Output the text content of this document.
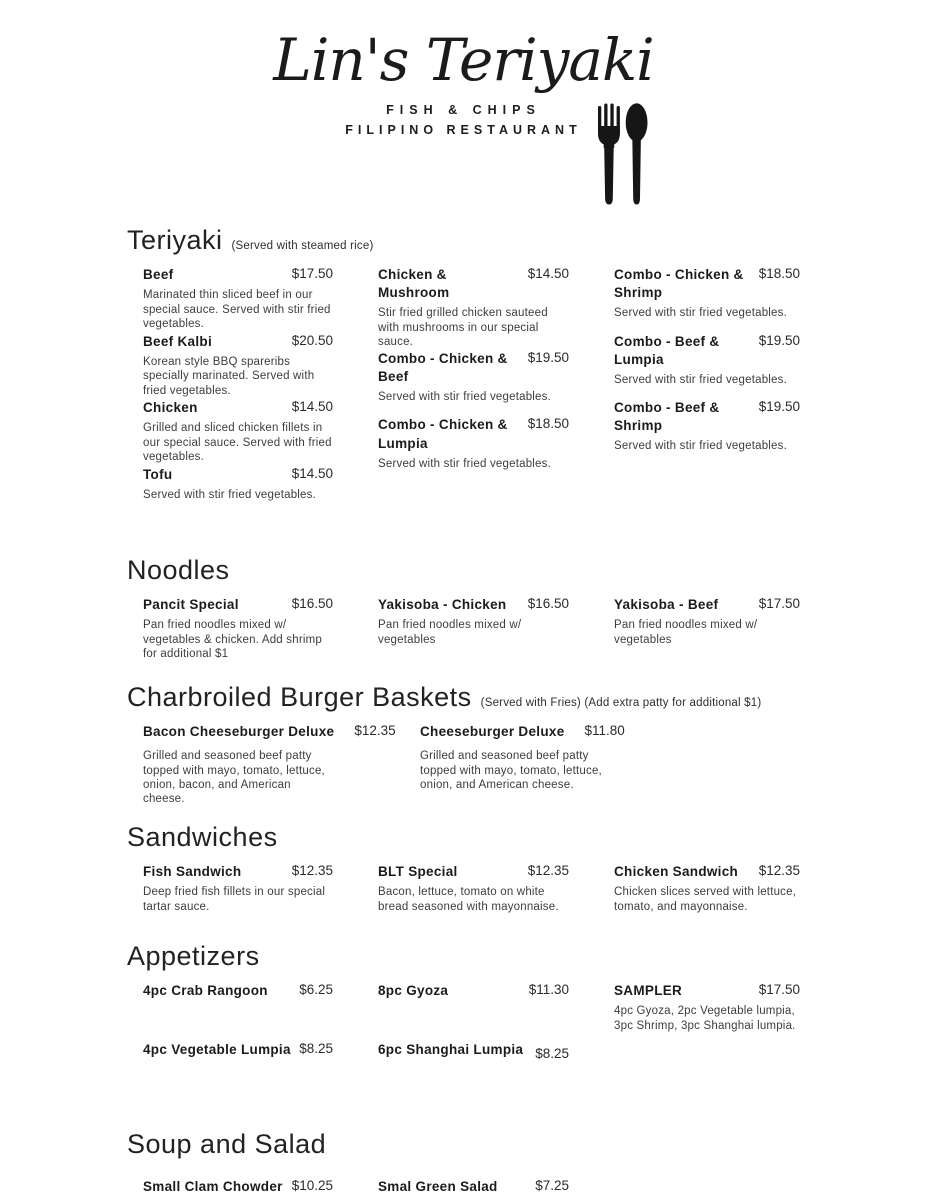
Lin's Teriyaki
FISH & CHIPS
FILIPINO RESTAURANT
Teriyaki (Served with steamed rice)
Beef	$17.50

Marinated thin sliced beef in our special sauce. Served with stir fried vegetables.

Beef Kalbi	$20.50

Korean style BBQ spareribs specially marinated. Served with fried vegetables.

Chicken	$14.50

Grilled and sliced chicken fillets in our special sauce. Served with fried vegetables.

Tofu	$14.50

Served with stir fried vegetables.

Chicken & Mushroom
$14.50

Stir fried grilled chicken sauteed with mushrooms in our special sauce.

Combo - Chicken & Beef
$19.50

Served with stir fried vegetables.

Combo - Chicken & Lumpia
$18.50

Served with stir fried vegetables.

Combo - Chicken & Shrimp
$18.50

Served with stir fried vegetables.

Combo - Beef & Lumpia
$19.50

Served with stir fried vegetables.

Combo - Beef & Shrimp
$19.50

Served with stir fried vegetables.

Noodles
Pancit Special	$16.50

Pan fried noodles mixed w/ vegetables & chicken. Add shrimp for additional $1

Yakisoba - Chicken $16.50

Pan fried noodles mixed w/ vegetables

Yakisoba - Beef	$17.50

Pan fried noodles mixed w/ vegetables

Charbroiled Burger Baskets (Served with Fries) (Add extra patty for additional $1)
Bacon Cheeseburger Deluxe $12.35

Grilled and seasoned beef patty topped with mayo, tomato, lettuce, onion, bacon, and American cheese.

Cheeseburger Deluxe $11.80

Grilled and seasoned beef patty topped with mayo, tomato, lettuce, onion, and American cheese.

Sandwiches
Fish Sandwich	$12.35

Deep fried fish fillets in our special tartar sauce.

BLT Special	$12.35

Bacon, lettuce, tomato on white bread seasoned with mayonnaise.

Chicken Sandwich $12.35

Chicken slices served with lettuce, tomato, and mayonnaise.

Appetizers
4pc Crab Rangoon $6.25
4pc Vegetable Lumpia $8.25
8pc Gyoza	$11.30
6pc Shanghai Lumpia $8.25
SAMPLER	$17.50

4pc Gyoza, 2pc Vegetable lumpia, 3pc Shrimp, 3pc Shanghai lumpia.

Soup and Salad
Small Clam Chowder $10.25	Smal Green Salad	$7.25
